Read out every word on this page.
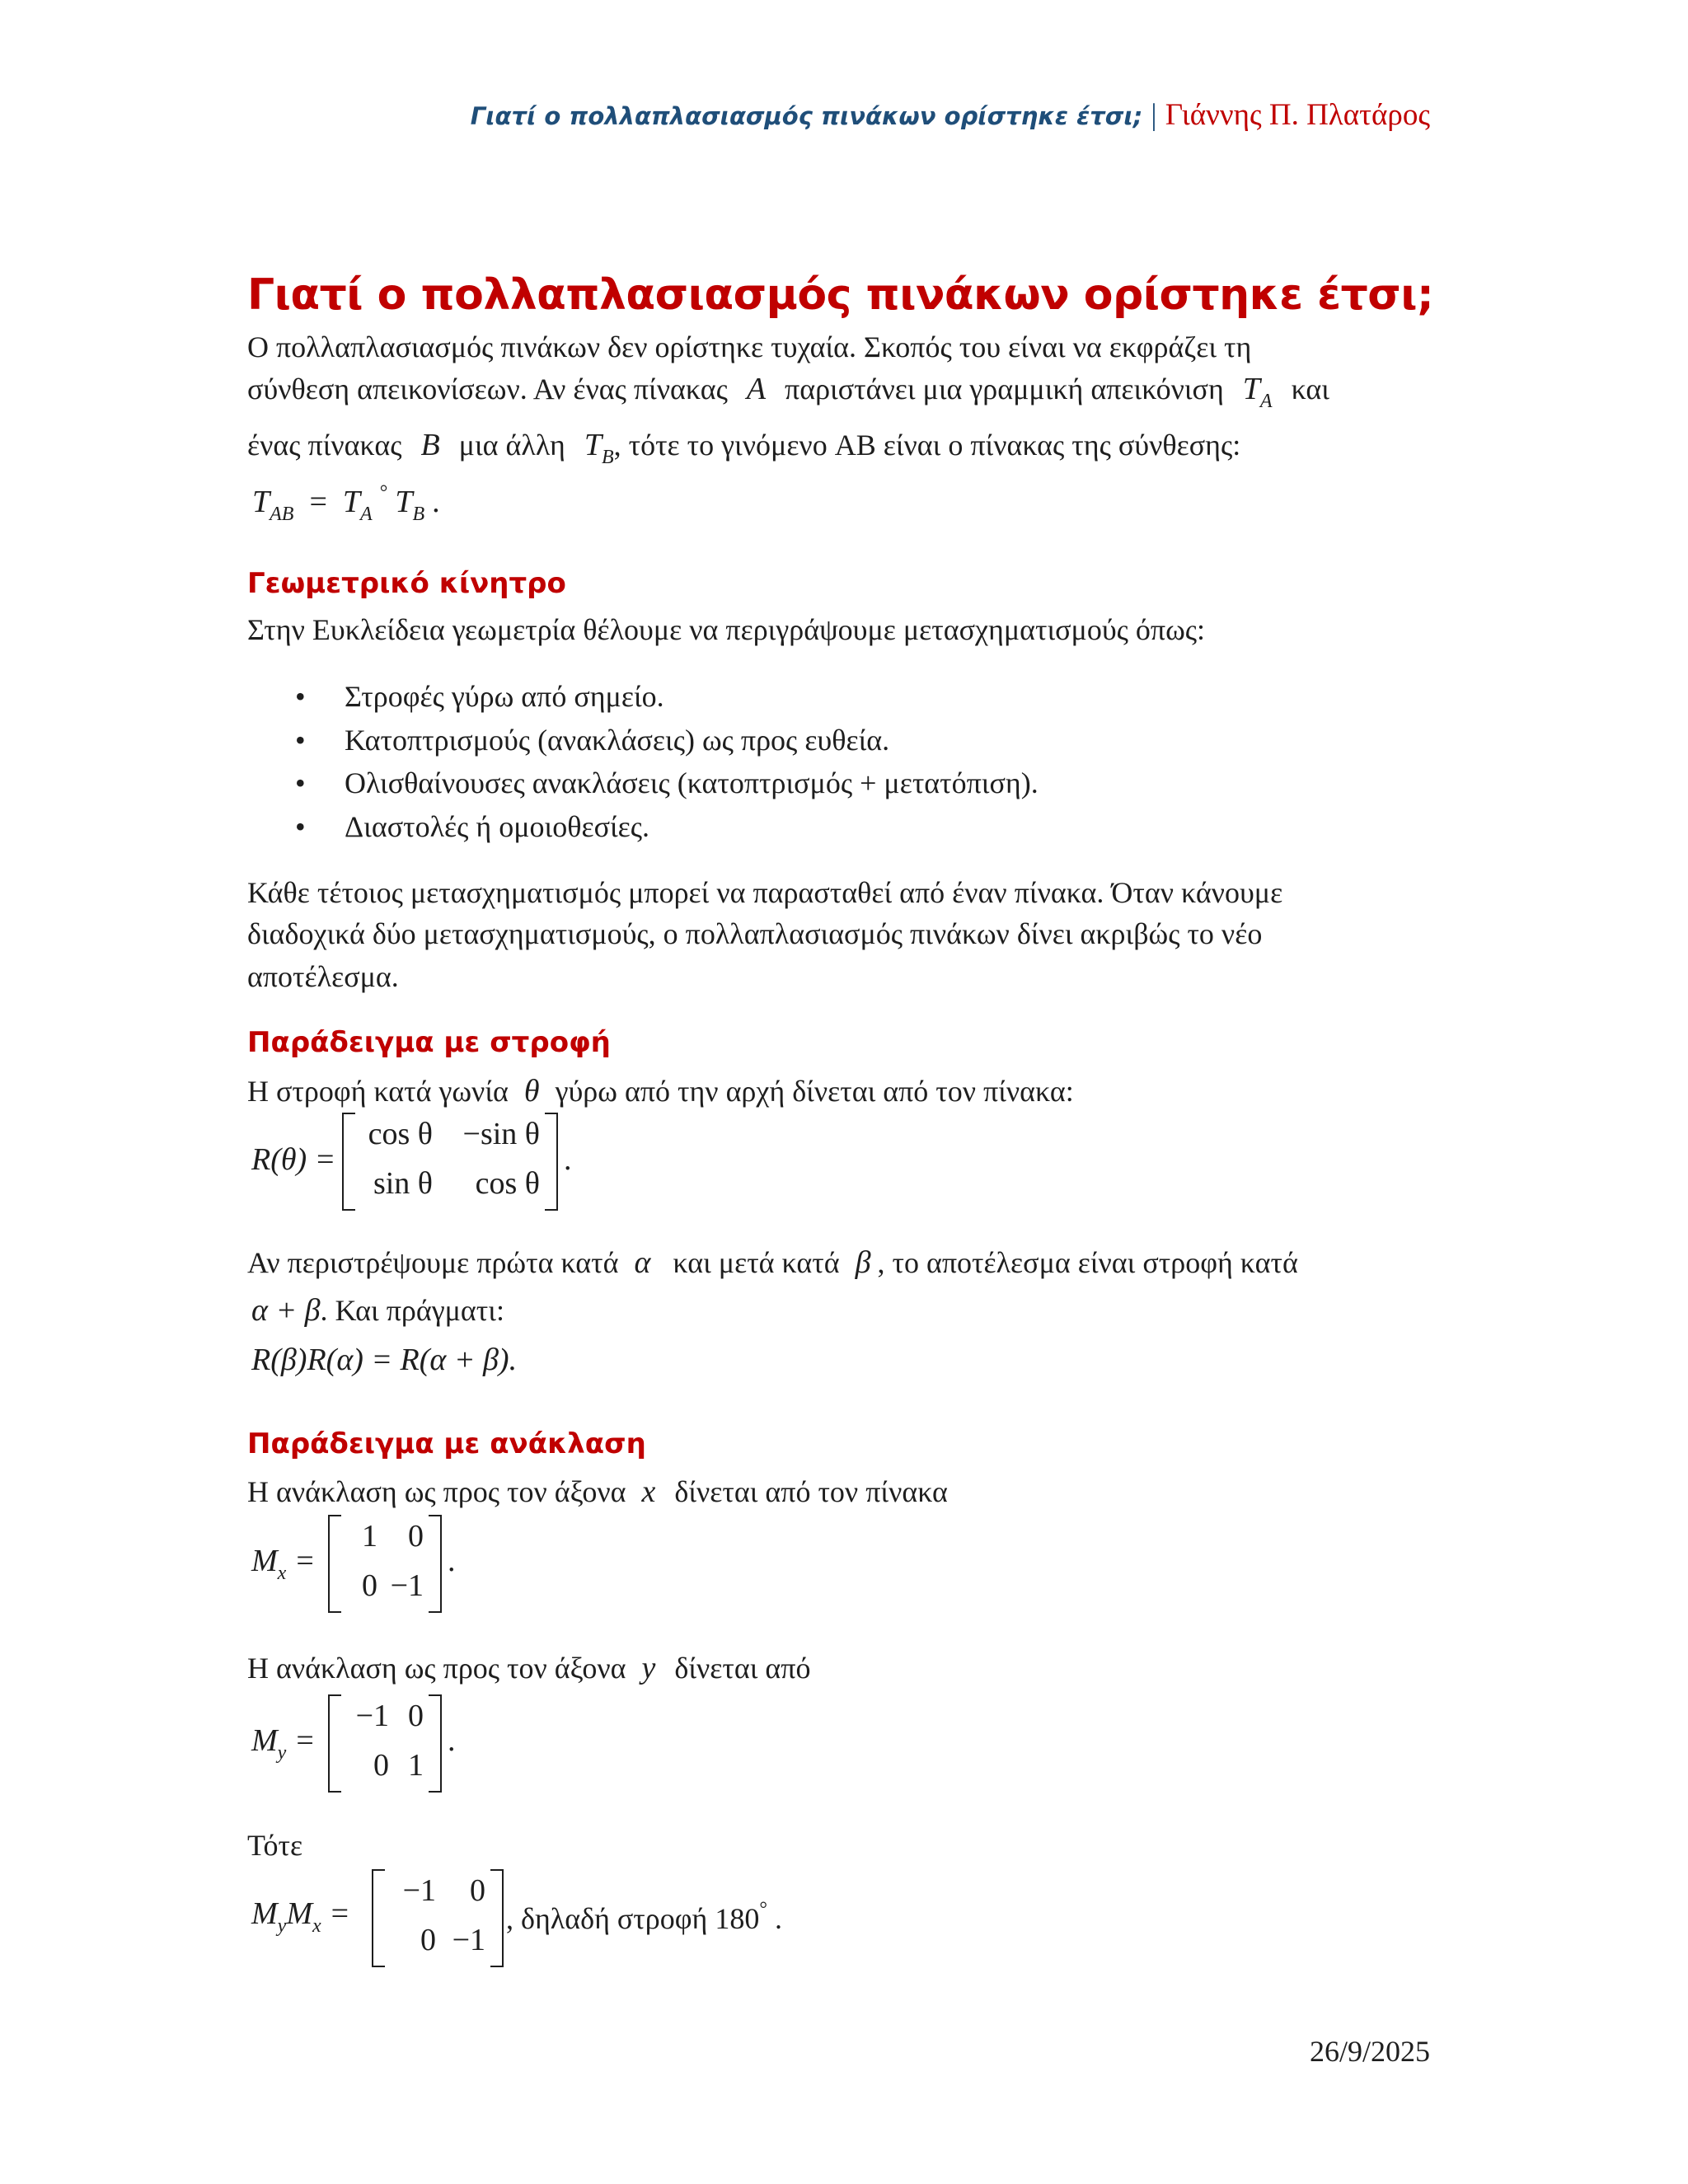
Γιατί ο πολλαπλασιασμός πινάκων ορίστηκε έτσι; | Γιάννης Π. Πλατάρος
Γιατί ο πολλαπλασιασμός πινάκων ορίστηκε έτσι;
Ο πολλαπλασιασμός πινάκων δεν ορίστηκε τυχαία. Σκοπός του είναι να εκφράζει τη
σύνθεση απεικονίσεων. Αν ένας πίνακας A παριστάνει μια γραμμική απεικόνιση $T_A$ και
ένας πίνακας B μια άλλη $T_B$, τότε το γινόμενο AB είναι ο πίνακας της σύνθεσης:
$T_{AB} = T_A$ ° $T_B$ .
Γεωμετρικό κίνητρο
Στην Ευκλείδεια γεωμετρία θέλουμε να περιγράψουμε μετασχηματισμούς όπως:
• Στροφές γύρω από σημείο.
• Κατοπτρισμούς (ανακλάσεις) ως προς ευθεία.
• Ολισθαίνουσες ανακλάσεις (κατοπτρισμός + μετατόπιση).
• Διαστολές ή ομοιοθεσίες.
Κάθε τέτοιος μετασχηματισμός μπορεί να παρασταθεί από έναν πίνακα. Όταν κάνουμε
διαδοχικά δύο μετασχηματισμούς, ο πολλαπλασιασμός πινάκων δίνει ακριβώς το νέο
αποτέλεσμα.
Παράδειγμα με στροφή
Η στροφή κατά γωνία θ γύρω από την αρχή δίνεται από τον πίνακα:
R(θ) =
cos θ −sin θ
sin θ cos θ
.
Αν περιστρέψουμε πρώτα κατά α και μετά κατά β , το αποτέλεσμα είναι στροφή κατά
α + β. Και πράγματι:
R(β)R(α) = R(α + β).
Παράδειγμα με ανάκλαση
Η ανάκλαση ως προς τον άξονα x δίνεται από τον πίνακα
Mx =
1 0
0 −1
.
Η ανάκλαση ως προς τον άξονα y δίνεται από
My =
−1 0
0 1
.
Τότε
MyMx =
−1 0
0 −1
, δηλαδή στροφή 180° .
26/9/2025
